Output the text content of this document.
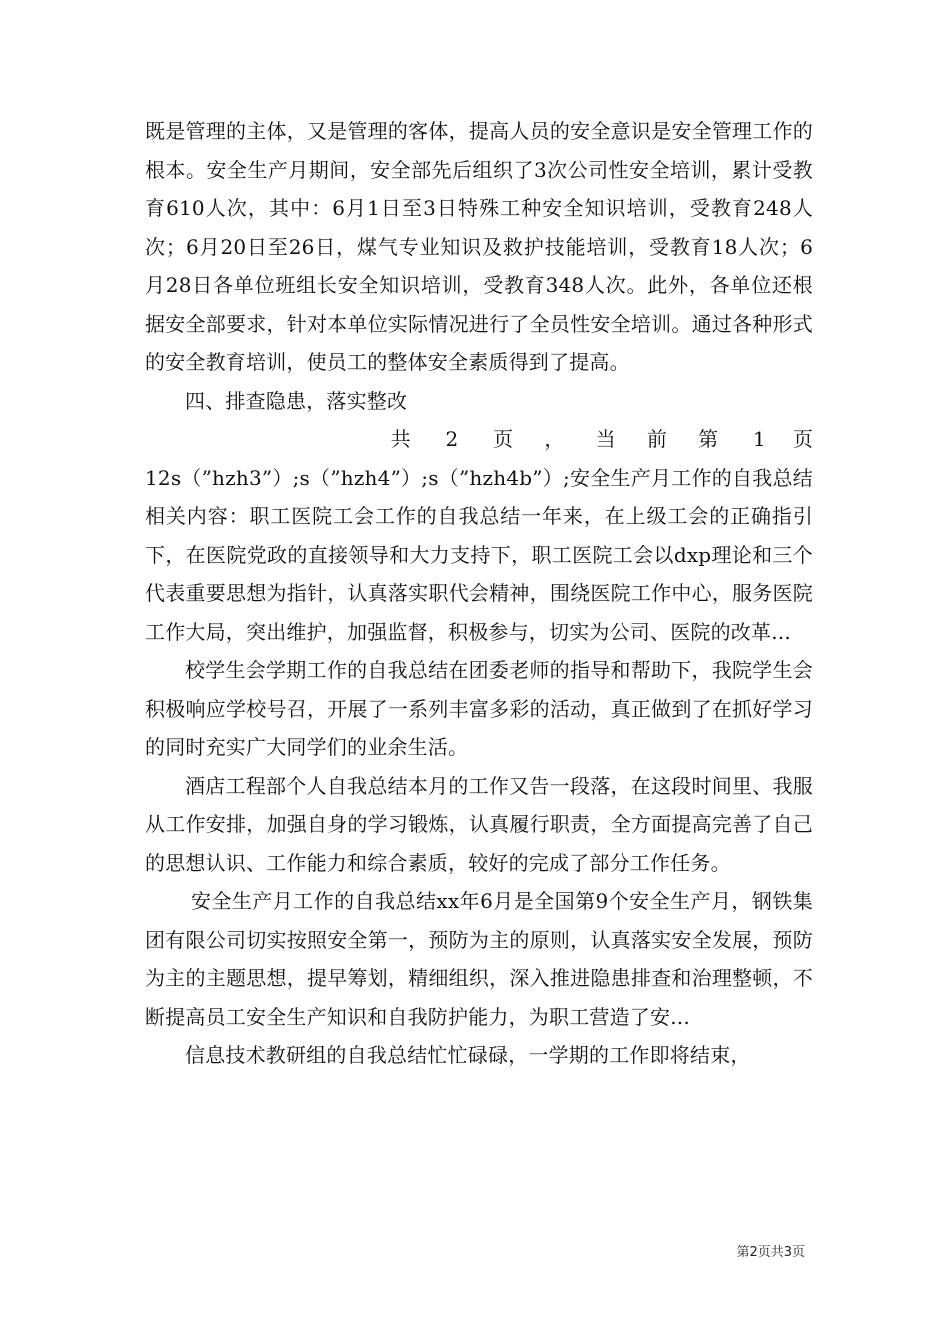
既是管理的主体，又是管理的客体，提高人员的安全意识是安全管理工作的根本。安全生产月期间，安全部先后组织了3次公司性安全培训，累计受教育610人次，其中：6月1日至3日特殊工种安全知识培训，受教育248人次；6月20日至26日，煤气专业知识及救护技能培训，受教育18人次；6月28日各单位班组长安全知识培训，受教育348人次。此外，各单位还根据安全部要求，针对本单位实际情况进行了全员性安全培训。通过各种形式的安全教育培训，使员工的整体安全素质得到了提高。

四、排查隐患，落实整改

共	2	页	，	当	前	第	1	页

12s（”hzh3”）;s（”hzh4”）;s（”hzh4b”）;安全生产月工作的自我总结相关内容：职工医院工会工作的自我总结一年来，在上级工会的正确指引下，在医院党政的直接领导和大力支持下，职工医院工会以dxp理论和三个代表重要思想为指针，认真落实职代会精神，围绕医院工作中心，服务医院工作大局，突出维护，加强监督，积极参与，切实为公司、医院的改革...

校学生会学期工作的自我总结在团委老师的指导和帮助下，我院学生会积极响应学校号召，开展了一系列丰富多彩的活动，真正做到了在抓好学习的同时充实广大同学们的业余生活。

酒店工程部个人自我总结本月的工作又告一段落，在这段时间里、我服从工作安排，加强自身的学习锻炼，认真履行职责，全方面提高完善了自己的思想认识、工作能力和综合素质，较好的完成了部分工作任务。

安全生产月工作的自我总结xx年6月是全国第9个安全生产月，钢铁集团有限公司切实按照安全第一，预防为主的原则，认真落实安全发展，预防为主的主题思想，提早筹划，精细组织，深入推进隐患排查和治理整顿，不断提高员工安全生产知识和自我防护能力，为职工营造了安...

信息技术教研组的自我总结忙忙碌碌，一学期的工作即将结束，

第2页共3页
